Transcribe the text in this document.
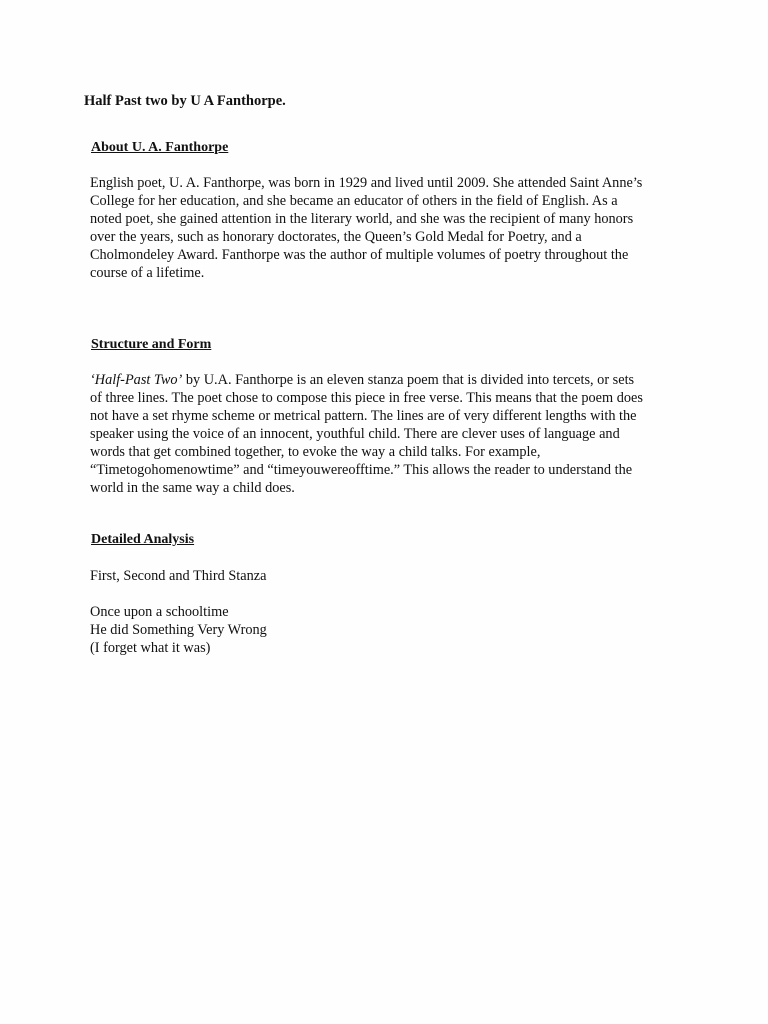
Half Past two by U A Fanthorpe.
About U. A. Fanthorpe

English poet, U. A. Fanthorpe, was born in 1929 and lived until 2009. She attended Saint Anne’s
College for her education, and she became an educator of others in the field of English. As a
noted poet, she gained attention in the literary world, and she was the recipient of many honors
over the years, such as honorary doctorates, the Queen’s Gold Medal for Poetry, and a
Cholmondeley Award. Fanthorpe was the author of multiple volumes of poetry throughout the
course of a lifetime.

Structure and Form

‘Half-Past Two’ by U.A. Fanthorpe is an eleven stanza poem that is divided into tercets, or sets
of three lines. The poet chose to compose this piece in free verse. This means that the poem does
not have a set rhyme scheme or metrical pattern. The lines are of very different lengths with the
speaker using the voice of an innocent, youthful child. There are clever uses of language and
words that get combined together, to evoke the way a child talks. For example,
“Timetogohomenowtime” and “timeyouwereofftime.” This allows the reader to understand the
world in the same way a child does.

Detailed Analysis

First, Second and Third Stanza

Once upon a schooltime
He did Something Very Wrong
(I forget what it was)
